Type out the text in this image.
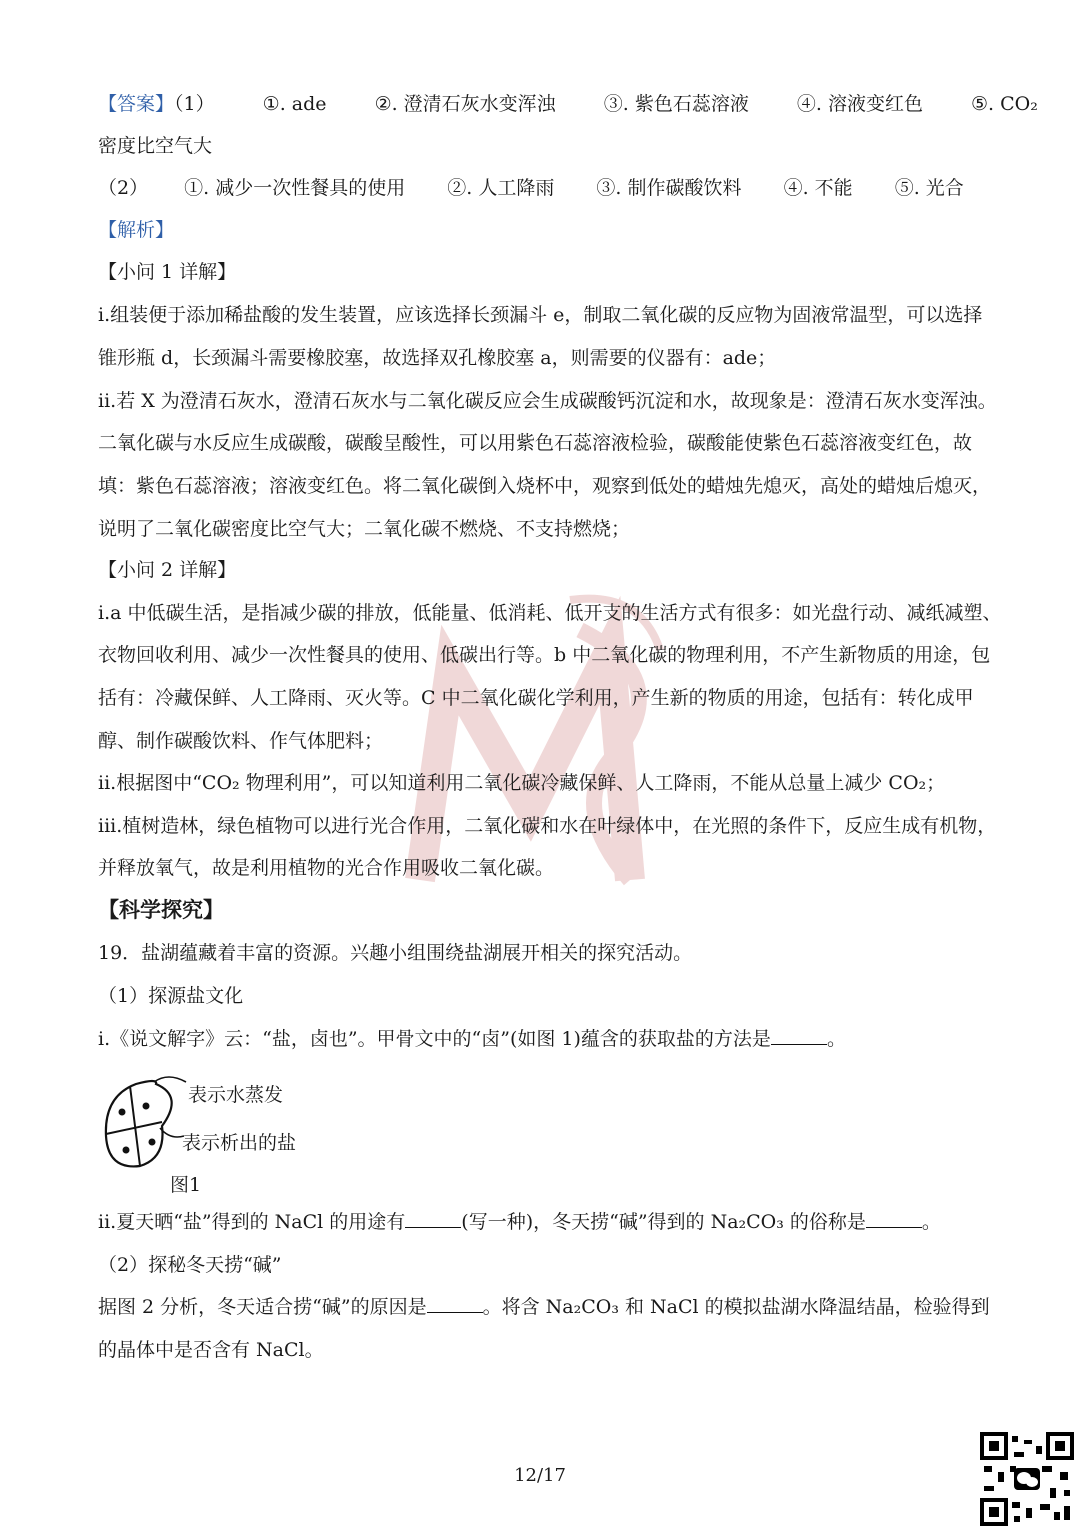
【答案】（1）	①. ade	②. 澄清石灰水变浑浊	③. 紫色石蕊溶液	④. 溶液变红色	⑤. CO₂
密度比空气大
（2） ①. 减少一次性餐具的使用 ②. 人工降雨 ③. 制作碳酸饮料 ④. 不能 ⑤. 光合
【解析】
【小问 1 详解】
i.组装便于添加稀盐酸的发生装置，应该选择长颈漏斗 e，制取二氧化碳的反应物为固液常温型，可以选择
锥形瓶 d，长颈漏斗需要橡胶塞，故选择双孔橡胶塞 a，则需要的仪器有：ade；
ii.若 X 为澄清石灰水，澄清石灰水与二氧化碳反应会生成碳酸钙沉淀和水，故现象是：澄清石灰水变浑浊。
二氧化碳与水反应生成碳酸，碳酸呈酸性，可以用紫色石蕊溶液检验，碳酸能使紫色石蕊溶液变红色，故
填：紫色石蕊溶液；溶液变红色。将二氧化碳倒入烧杯中，观察到低处的蜡烛先熄灭，高处的蜡烛后熄灭，
说明了二氧化碳密度比空气大；二氧化碳不燃烧、不支持燃烧；
【小问 2 详解】
i.a 中低碳生活，是指减少碳的排放，低能量、低消耗、低开支的生活方式有很多：如光盘行动、减纸减塑、
衣物回收利用、减少一次性餐具的使用、低碳出行等。b 中二氧化碳的物理利用，不产生新物质的用途，包
括有：冷藏保鲜、人工降雨、灭火等。C 中二氧化碳化学利用，产生新的物质的用途，包括有：转化成甲
醇、制作碳酸饮料、作气体肥料；
ii.根据图中“CO₂ 物理利用”，可以知道利用二氧化碳冷藏保鲜、人工降雨，不能从总量上减少 CO₂；
iii.植树造林，绿色植物可以进行光合作用，二氧化碳和水在叶绿体中，在光照的条件下，反应生成有机物，
并释放氧气，故是利用植物的光合作用吸收二氧化碳。
【科学探究】
19．盐湖蕴藏着丰富的资源。兴趣小组围绕盐湖展开相关的探究活动。
（1）探源盐文化
i.《说文解字》云：“盐，卤也”。甲骨文中的“卤”(如图 1)蕴含的获取盐的方法是	。
表示水蒸发
表示析出的盐
图1
ii.夏天晒“盐”得到的 NaCl 的用途有	(写一种)，冬天捞“碱”得到的 Na₂CO₃ 的俗称是	。
（2）探秘冬天捞“碱”
据图 2 分析，冬天适合捞“碱”的原因是	。将含 Na₂CO₃ 和 NaCl 的模拟盐湖水降温结晶，检验得到
的晶体中是否含有 NaCl。
12/17
